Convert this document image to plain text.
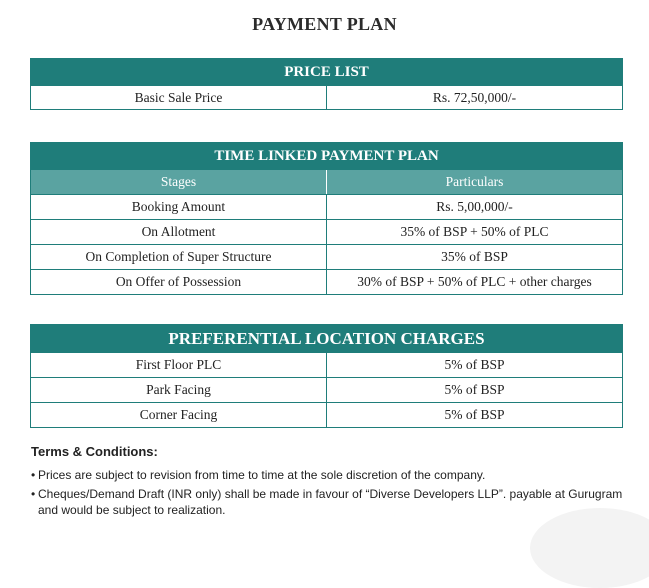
PAYMENT PLAN
PRICE LIST
Basic Sale Price	Rs. 72,50,000/-
TIME LINKED PAYMENT PLAN
Stages	Particulars
Booking Amount	Rs. 5,00,000/-
On Allotment	35% of BSP + 50% of PLC
On Completion of Super Structure	35% of BSP
On Offer of Possession	30% of BSP + 50% of PLC + other charges
PREFERENTIAL LOCATION CHARGES
First Floor PLC	5% of BSP
Park Facing	5% of BSP
Corner Facing	5% of BSP
Terms & Conditions:
• Prices are subject to revision from time to time at the sole discretion of the company.
• Cheques/Demand Draft (INR only) shall be made in favour of “Diverse Developers LLP”. payable at Gurugram and would be subject to realization.
